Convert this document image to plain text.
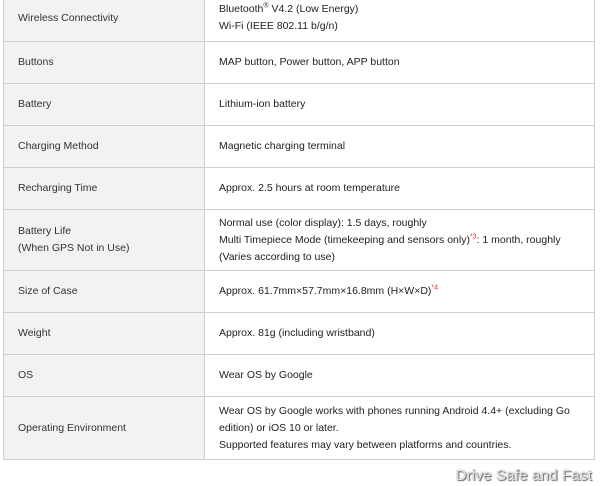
Wireless Connectivity	Bluetooth® V4.2 (Low Energy)
Wi-Fi (IEEE 802.11 b/g/n)

Buttons	MAP button, Power button, APP button

Battery	Lithium-ion battery

Charging Method	Magnetic charging terminal

Recharging Time	Approx. 2.5 hours at room temperature

Battery Life
(When GPS Not in Use)	Normal use (color display): 1.5 days, roughly
Multi Timepiece Mode (timekeeping and sensors only)$^{*3}$: 1 month, roughly
(Varies according to use)

Size of Case	Approx. 61.7mm×57.7mm×16.8mm (H×W×D)$^{*4}$

Weight	Approx. 81g (including wristband)

OS	Wear OS by Google

Operating Environment	Wear OS by Google works with phones running Android 4.4+ (excluding Go
edition) or iOS 10 or later.
Supported features may vary between platforms and countries.
Drive Safe and Fast
